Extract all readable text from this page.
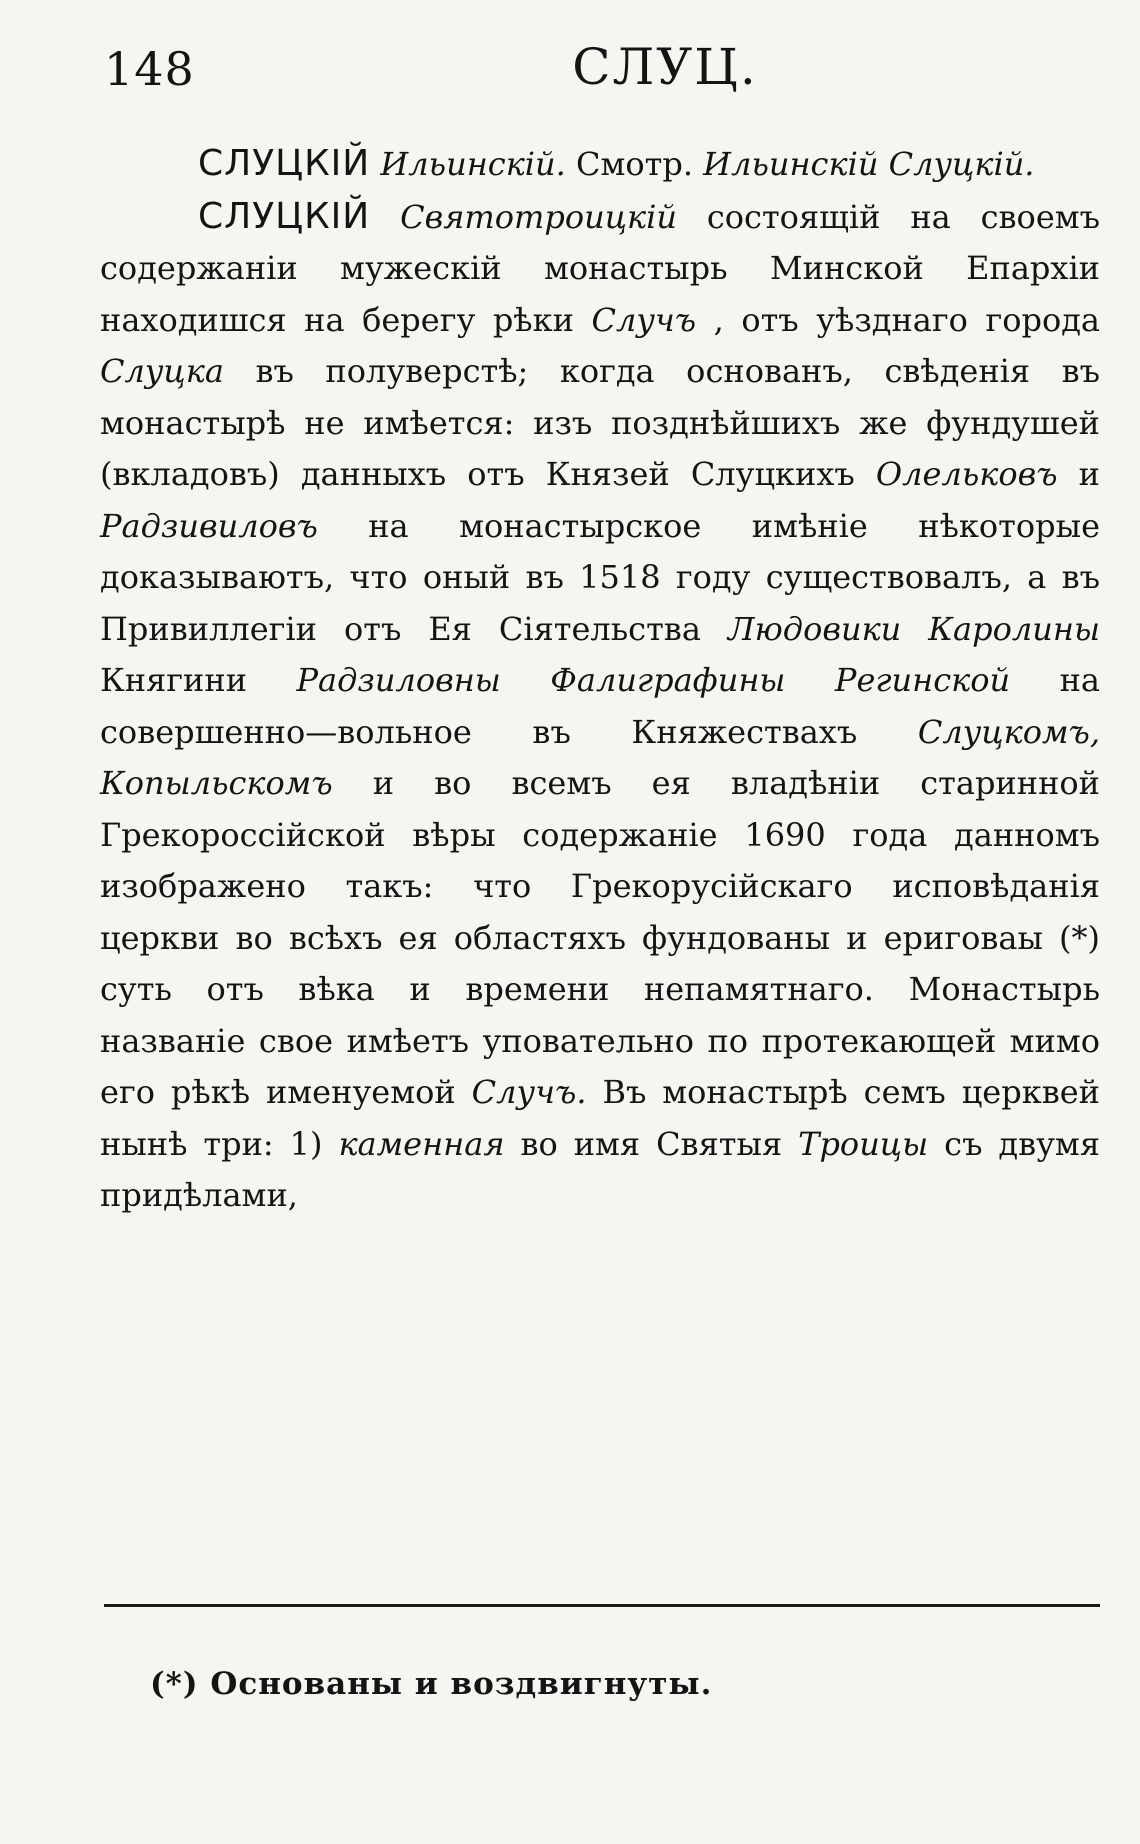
148	СЛУЦ.

СЛУЦКІЙ Ильинскій. Смотр. Ильинскій Слуцкій.

СЛУЦКІЙ Святотроицкій состоящій на своемъ содержаніи мужескій монастырь Минской Епархіи находишся на берегу рѣки Случъ , отъ уѣзднаго города Слуцка въ полуверстѣ; когда основанъ, свѣденія въ монастырѣ не имѣется: изъ позднѣйшихъ же фундушей (вкладовъ) данныхъ отъ Князей Слуцкихъ Олельковъ и Радзивиловъ на монастырское имѣніе нѣкоторые доказываютъ, что оный въ 1518 году существовалъ, а въ Привиллегіи отъ Ея Сіятельства Людовики Каролины Княгини Радзиловны Фалиграфины Регинской на совершенно—вольное въ Княжествахъ Слуцкомъ, Копыльскомъ и во всемъ ея владѣніи старинной Грекороссійской вѣры содержаніе 1690 года данномъ изображено такъ: что Грекорусійскаго исповѣданія церкви во всѣхъ ея областяхъ фундованы и ериговаы (*) суть отъ вѣка и времени непамятнаго. Монастырь названіе свое имѣетъ уповательно по протекающей мимо его рѣкѣ именуемой Случъ. Въ монастырѣ семъ церквей нынѣ три: 1) каменная во имя Святыя Троицы съ двумя придѣлами,

(*) Основаны и воздвигнуты.
